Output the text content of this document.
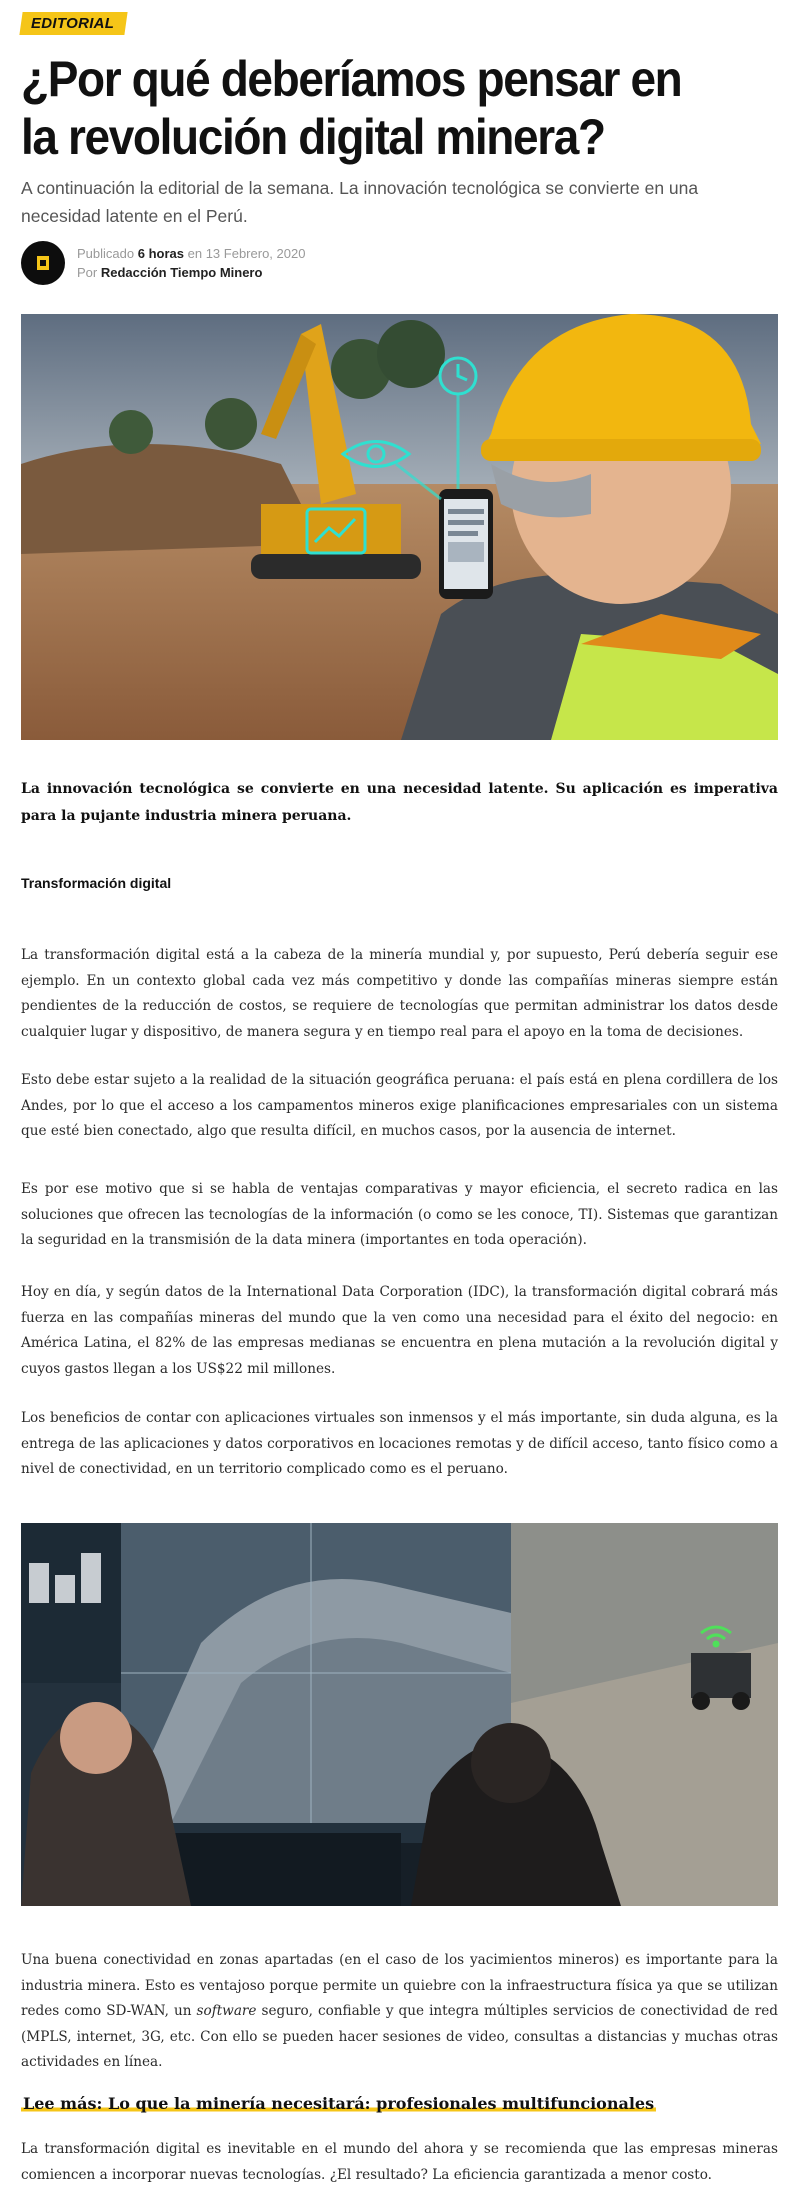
EDITORIAL
¿Por qué deberíamos pensar en la revolución digital minera?

A continuación la editorial de la semana. La innovación tecnológica se convierte en una necesidad latente en el Perú.

Publicado 6 horas en 13 Febrero, 2020
Por Redacción Tiempo Minero

La innovación tecnológica se convierte en una necesidad latente. Su aplicación es imperativa para la pujante industria minera peruana.

Transformación digital

La transformación digital está a la cabeza de la minería mundial y, por supuesto, Perú debería seguir ese ejemplo. En un contexto global cada vez más competitivo y donde las compañías mineras siempre están pendientes de la reducción de costos, se requiere de tecnologías que permitan administrar los datos desde cualquier lugar y dispositivo, de manera segura y en tiempo real para el apoyo en la toma de decisiones.

Esto debe estar sujeto a la realidad de la situación geográfica peruana: el país está en plena cordillera de los Andes, por lo que el acceso a los campamentos mineros exige planificaciones empresariales con un sistema que esté bien conectado, algo que resulta difícil, en muchos casos, por la ausencia de internet.

Es por ese motivo que si se habla de ventajas comparativas y mayor eficiencia, el secreto radica en las soluciones que ofrecen las tecnologías de la información (o como se les conoce, TI). Sistemas que garantizan la seguridad en la transmisión de la data minera (importantes en toda operación).

Hoy en día, y según datos de la International Data Corporation (IDC), la transformación digital cobrará más fuerza en las compañías mineras del mundo que la ven como una necesidad para el éxito del negocio: en América Latina, el 82% de las empresas medianas se encuentra en plena mutación a la revolución digital y cuyos gastos llegan a los US$22 mil millones.

Los beneficios de contar con aplicaciones virtuales son inmensos y el más importante, sin duda alguna, es la entrega de las aplicaciones y datos corporativos en locaciones remotas y de difícil acceso, tanto físico como a nivel de conectividad, en un territorio complicado como es el peruano.

Una buena conectividad en zonas apartadas (en el caso de los yacimientos mineros) es importante para la industria minera. Esto es ventajoso porque permite un quiebre con la infraestructura física ya que se utilizan redes como SD-WAN, un software seguro, confiable y que integra múltiples servicios de conectividad de red (MPLS, internet, 3G, etc. Con ello se pueden hacer sesiones de video, consultas a distancias y muchas otras actividades en línea.

Lee más: Lo que la minería necesitará: profesionales multifuncionales

La transformación digital es inevitable en el mundo del ahora y se recomienda que las empresas mineras comiencen a incorporar nuevas tecnologías. ¿El resultado? La eficiencia garantizada a menor costo.
